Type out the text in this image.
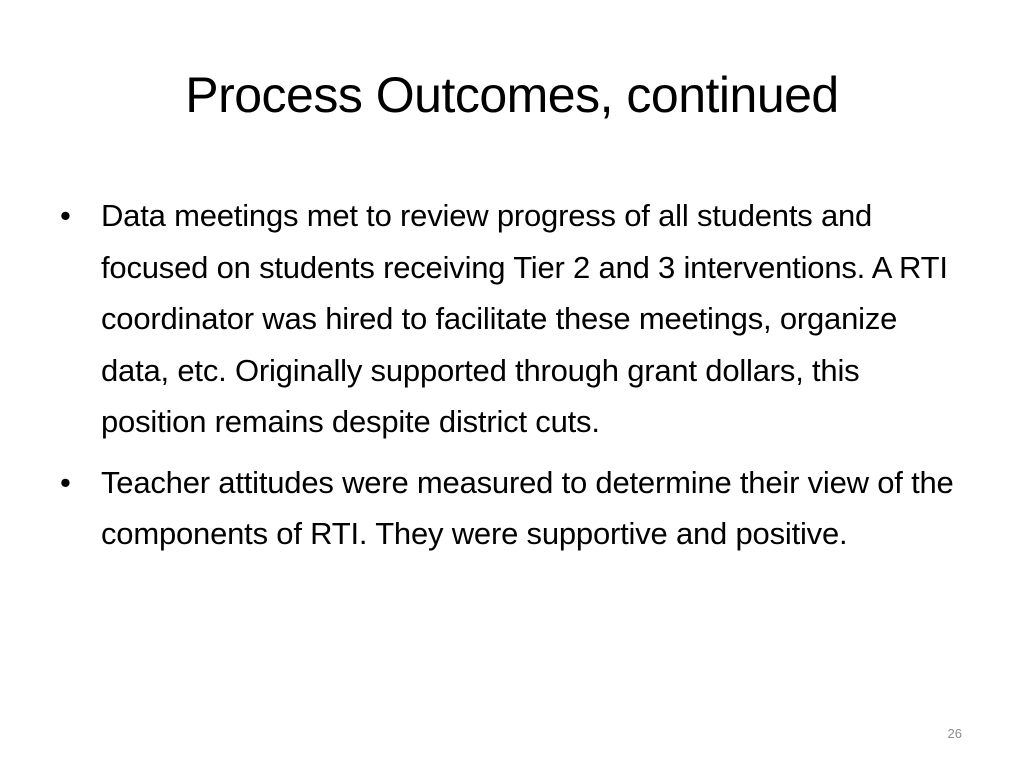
Process Outcomes, continued
• Data meetings met to review progress of all students and focused on students receiving Tier 2 and 3 interventions. A RTI coordinator was hired to facilitate these meetings, organize data, etc. Originally supported through grant dollars, this position remains despite district cuts.
• Teacher attitudes were measured to determine their view of the components of RTI. They were supportive and positive.
26
